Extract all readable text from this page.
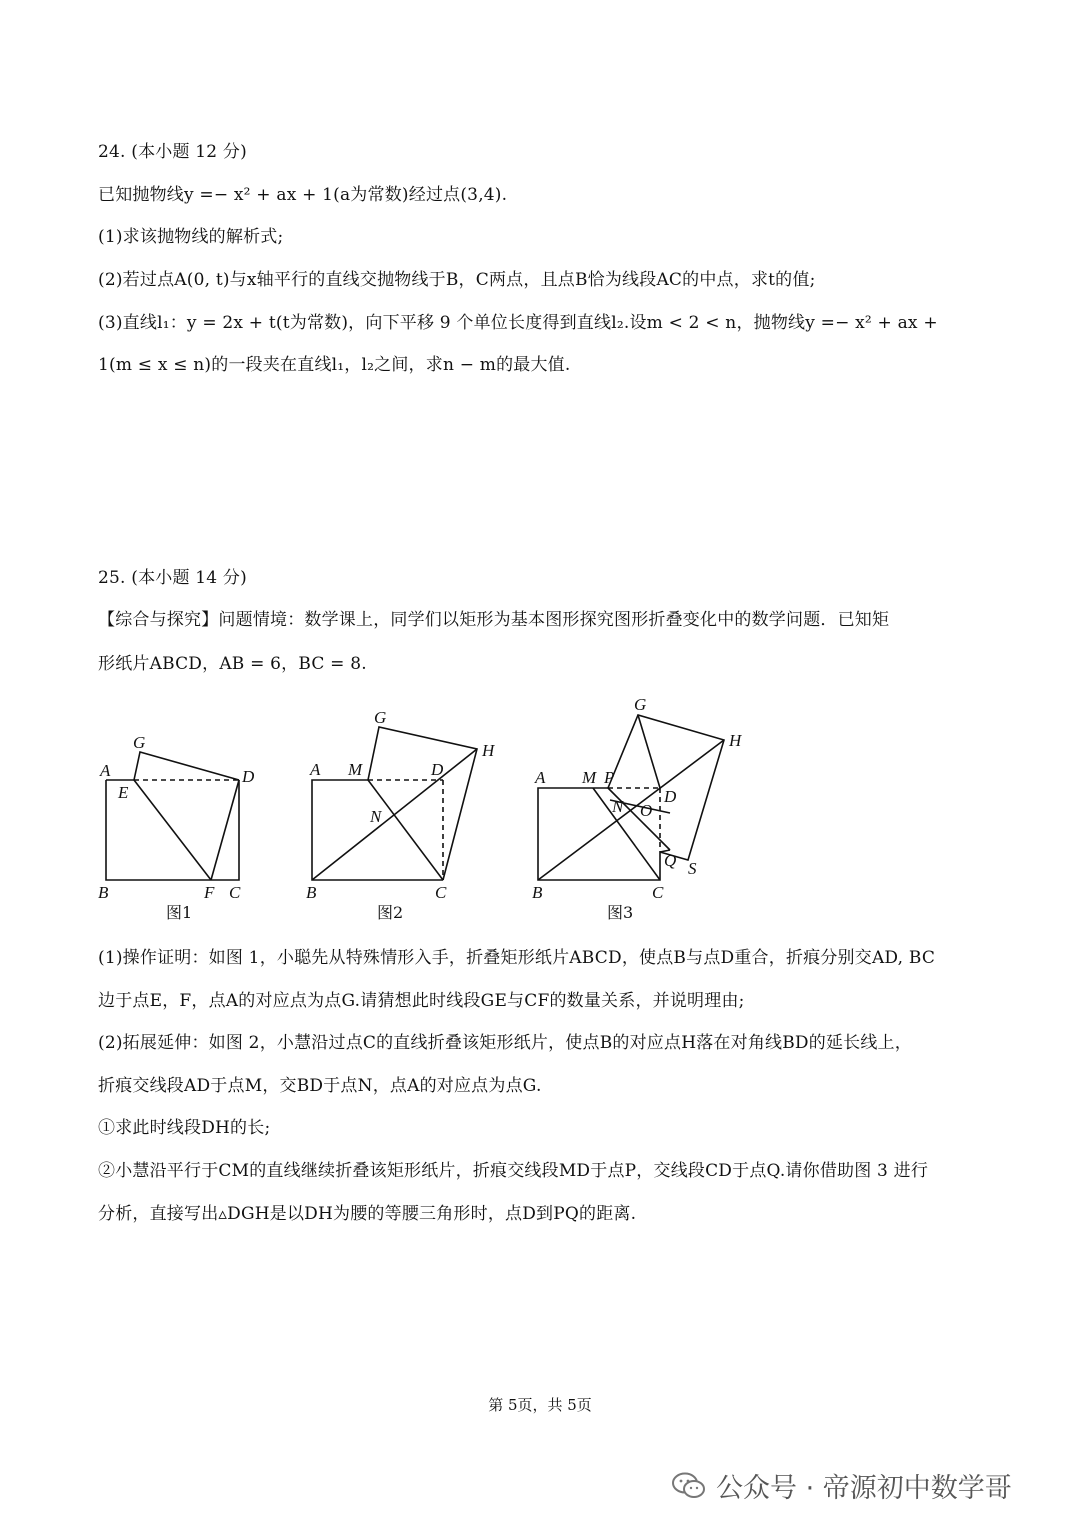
24. (本小题 12 分)
已知抛物线y =− x² + ax + 1(a为常数)经过点(3,4).
(1)求该抛物线的解析式;
(2)若过点A(0, t)与x轴平行的直线交抛物线于B，C两点，且点B恰为线段AC的中点，求t的值;
(3)直线l₁：y = 2x + t(t为常数)，向下平移 9 个单位长度得到直线l₂.设m < 2 < n，抛物线y =− x² + ax +
1(m ≤ x ≤ n)的一段夹在直线l₁，l₂之间，求n − m的最大值.
25. (本小题 14 分)
【综合与探究】问题情境：数学课上，同学们以矩形为基本图形探究图形折叠变化中的数学问题．已知矩
形纸片ABCD，AB = 6，BC = 8.
G
A
E
D
B	F C
图1
G
H
A M	D
N
B	C
图2
G
H
A M P
D
N O
Q S
B	C
图3
(1)操作证明：如图 1，小聪先从特殊情形入手，折叠矩形纸片ABCD，使点B与点D重合，折痕分别交AD, BC
边于点E，F，点A的对应点为点G.请猜想此时线段GE与CF的数量关系，并说明理由;
(2)拓展延伸：如图 2，小慧沿过点C的直线折叠该矩形纸片，使点B的对应点H落在对角线BD的延长线上，
折痕交线段AD于点M，交BD于点N，点A的对应点为点G.
①求此时线段DH的长;
②小慧沿平行于CM的直线继续折叠该矩形纸片，折痕交线段MD于点P，交线段CD于点Q.请你借助图 3 进行
分析，直接写出▵DGH是以DH为腰的等腰三角形时，点D到PQ的距离.
第 5页，共 5页
公众号 · 帝源初中数学哥
